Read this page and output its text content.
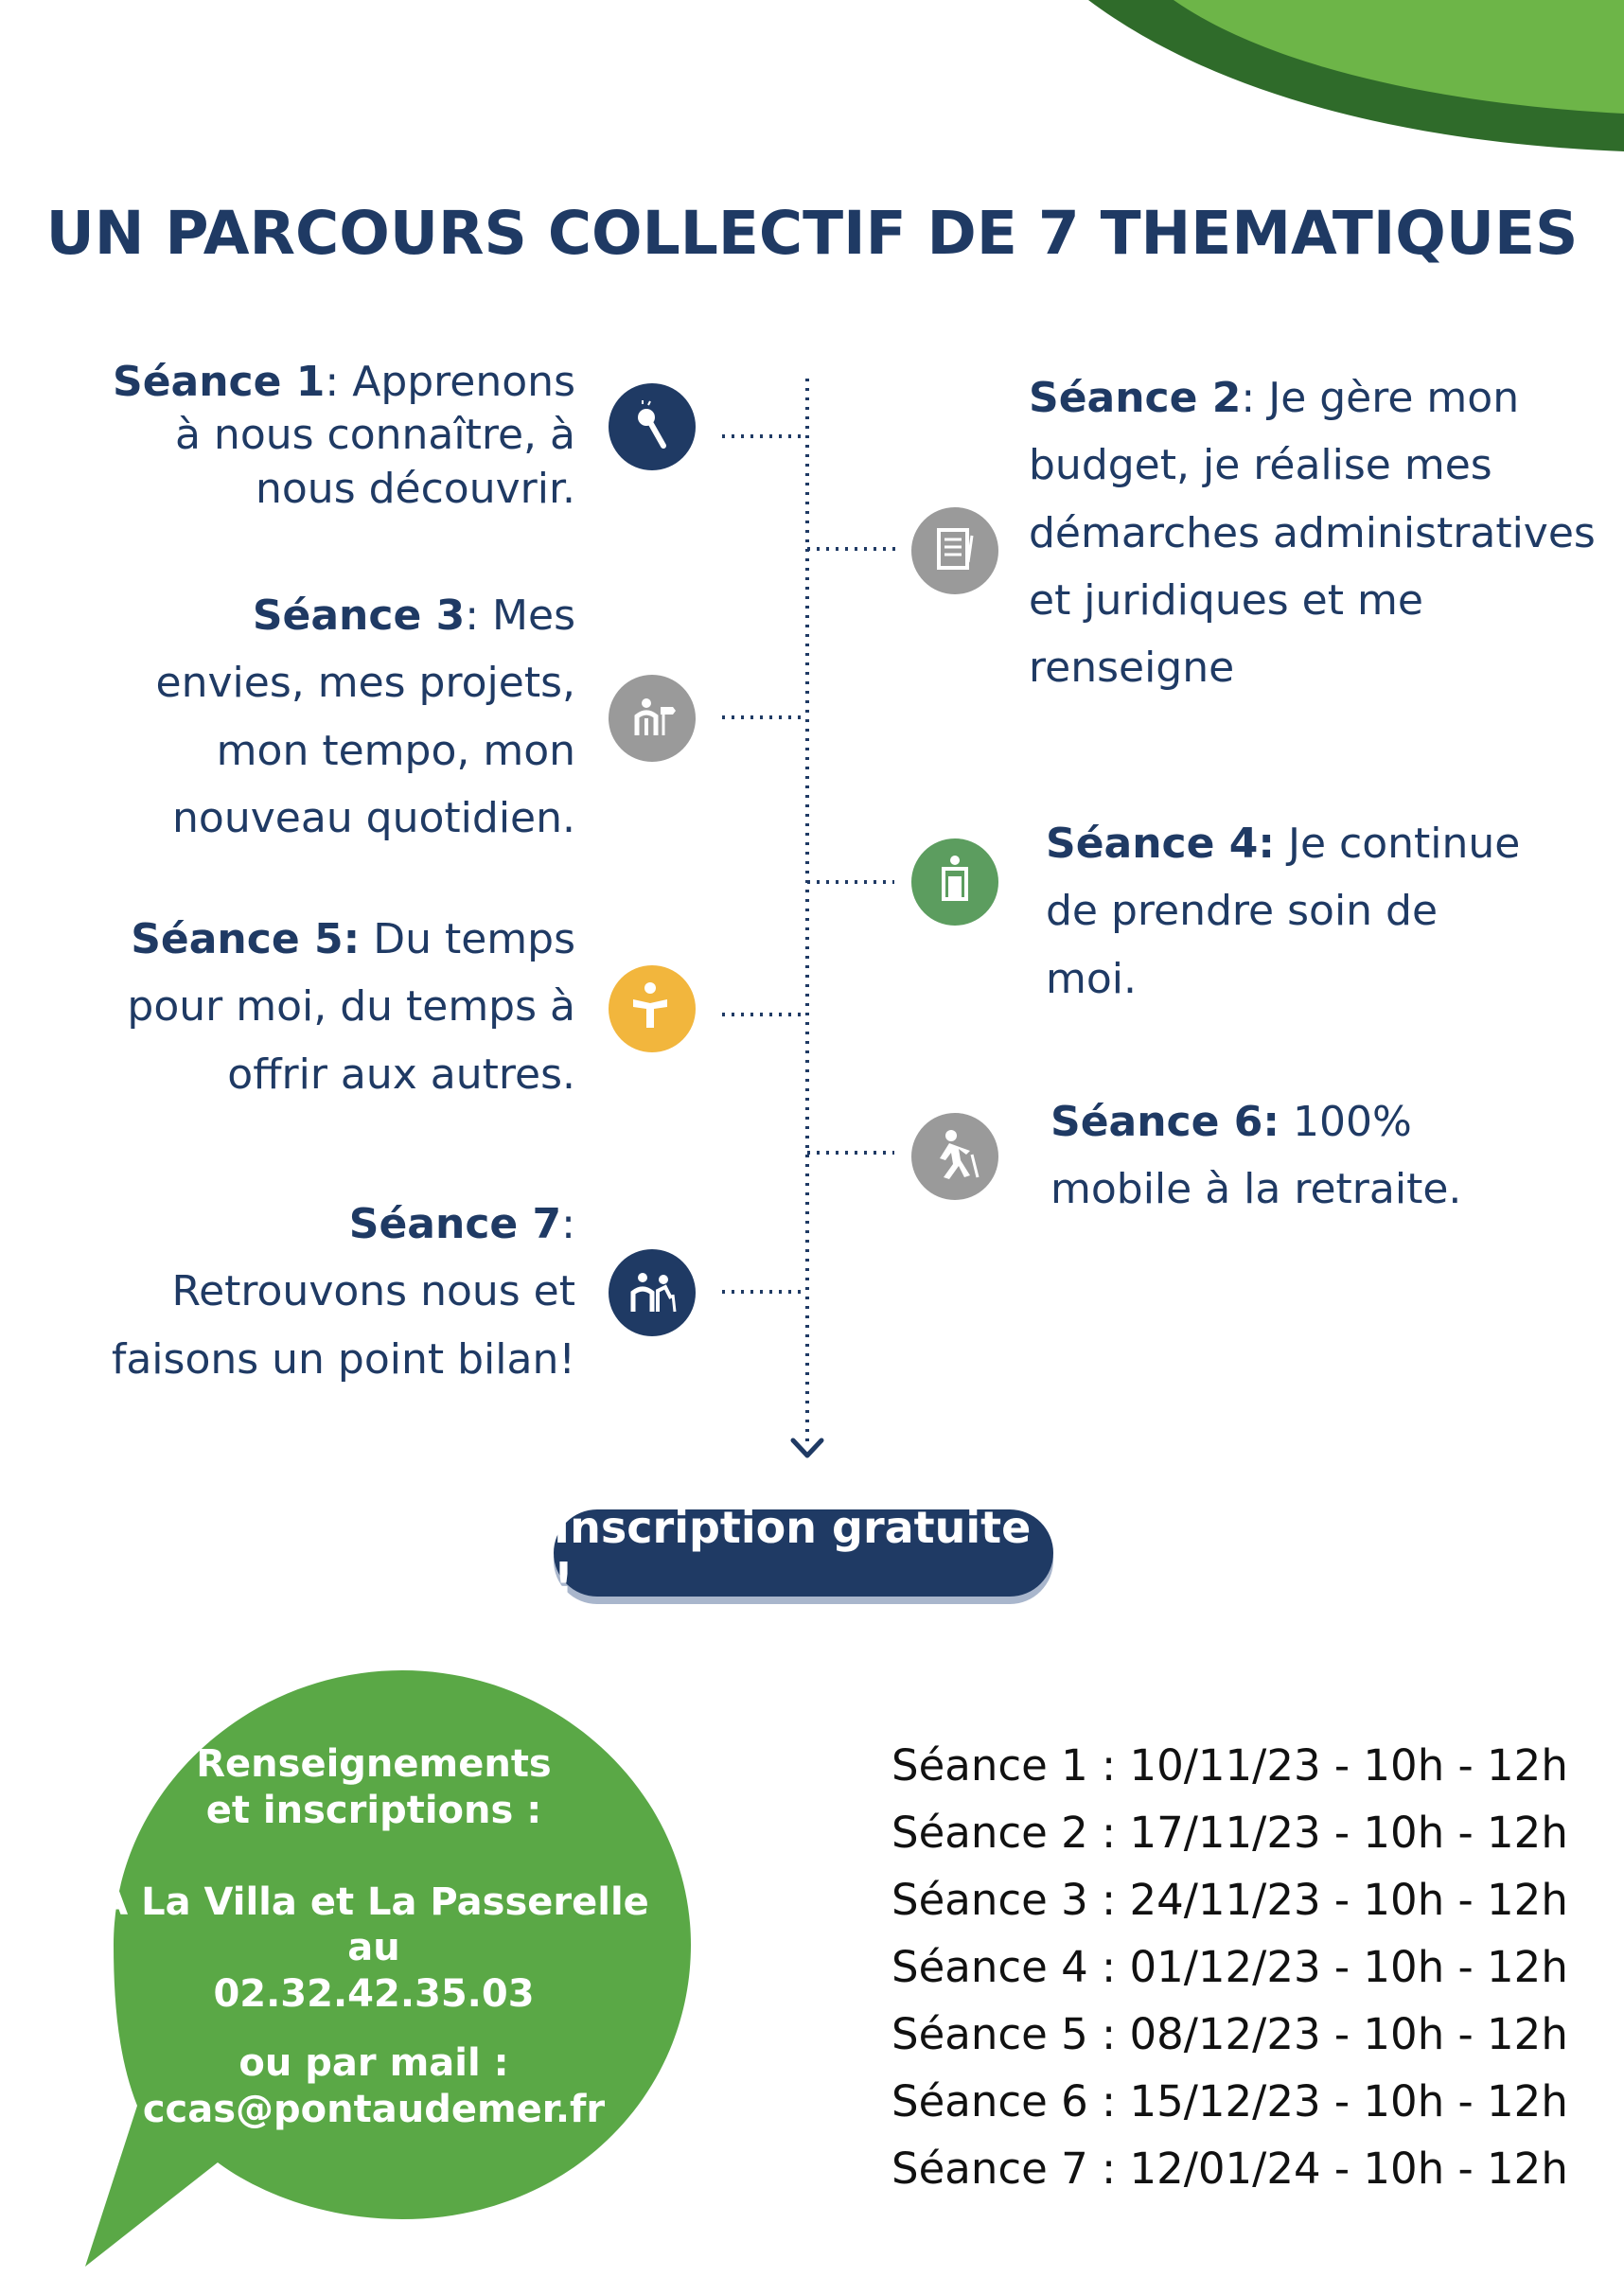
UN PARCOURS COLLECTIF DE 7 THEMATIQUES
Séance 1: Apprenons à nous connaître, à nous découvrir.
Séance 2: Je gère mon budget, je réalise mes démarches administratives et juridiques et me renseigne
Séance 3: Mes envies, mes projets, mon tempo, mon nouveau quotidien.
Séance 4: Je continue de prendre soin de moi.
Séance 5: Du temps pour moi, du temps à offrir aux autres.
Séance 6: 100% mobile à la retraite.
Séance 7:
Retrouvons nous et faisons un point bilan!
Inscription gratuite !
Renseignements
et inscriptions :
A La Villa et La Passerelle
au
02.32.42.35.03
ou par mail :
ccas@pontaudemer.fr
Séance 1 : 10/11/23 - 10h - 12h
Séance 2 : 17/11/23 - 10h - 12h
Séance 3 : 24/11/23 - 10h - 12h
Séance 4 : 01/12/23 - 10h - 12h
Séance 5 : 08/12/23 - 10h - 12h
Séance 6 : 15/12/23 - 10h - 12h
Séance 7 : 12/01/24 - 10h - 12h
